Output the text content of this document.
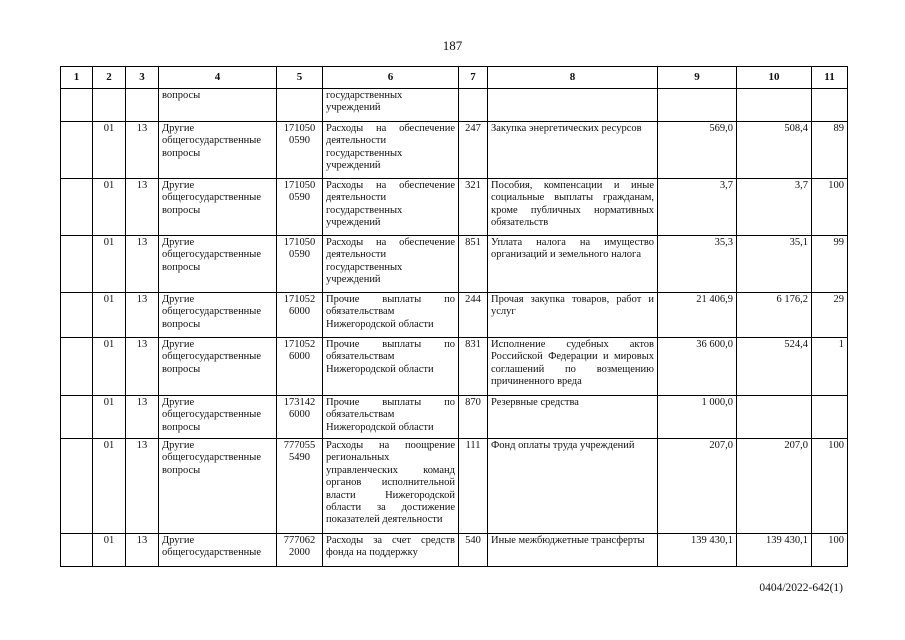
187
1	2	3	4	5	6	7	8	9	10	11
			вопросы		государственных учреждений					
	01	13	Другие общегосударственные вопросы	171050 0590	Расходы на обеспечение деятельности государственных учреждений	247	Закупка энергетических ресурсов	569,0	508,4	89
	01	13	Другие общегосударственные вопросы	171050 0590	Расходы на обеспечение деятельности государственных учреждений	321	Пособия, компенсации и иные социальные выплаты гражданам, кроме публичных нормативных обязательств	3,7	3,7	100
	01	13	Другие общегосударственные вопросы	171050 0590	Расходы на обеспечение деятельности государственных учреждений	851	Уплата налога на имущество организаций и земельного налога	35,3	35,1	99
	01	13	Другие общегосударственные вопросы	171052 6000	Прочие выплаты по обязательствам Нижегородской области	244	Прочая закупка товаров, работ и услуг	21 406,9	6 176,2	29
	01	13	Другие общегосударственные вопросы	171052 6000	Прочие выплаты по обязательствам Нижегородской области	831	Исполнение судебных актов Российской Федерации и мировых соглашений по возмещению причиненного вреда	36 600,0	524,4	1
	01	13	Другие общегосударственные вопросы	173142 6000	Прочие выплаты по обязательствам Нижегородской области	870	Резервные средства	1 000,0		
	01	13	Другие общегосударственные вопросы	777055 5490	Расходы на поощрение региональных управленческих команд органов исполнительной власти Нижегородской области за достижение показателей деятельности	111	Фонд оплаты труда учреждений	207,0	207,0	100
	01	13	Другие общегосударственные	777062 2000	Расходы за счет средств фонда на поддержку	540	Иные межбюджетные трансферты	139 430,1	139 430,1	100
0404/2022-642(1)
